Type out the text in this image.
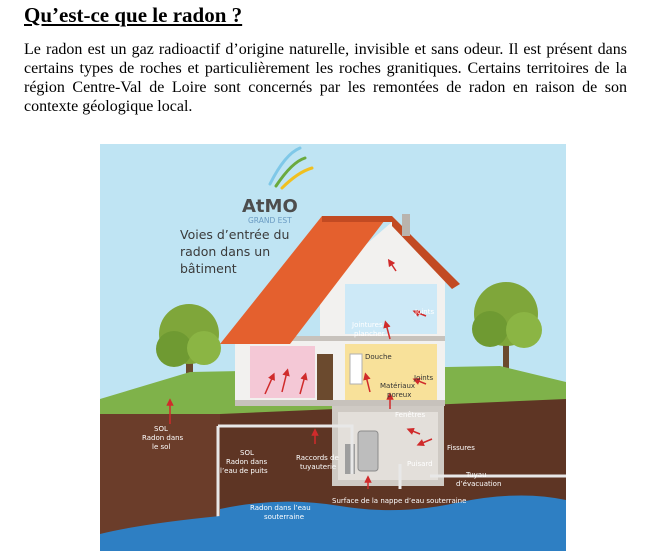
Qu’est-ce que le radon ?

Le radon est un gaz radioactif d’origine naturelle, invisible et sans odeur. Il est présent dans certains types de roches et particulièrement les roches granitiques. Certains territoires de la région Centre-Val de Loire sont concernés par les remontées de radon en raison de son contexte géologique local.

AtMO
GRAND EST
Voies d’entrée du
radon dans un
bâtiment
Joints
Jointures
plancher
Douche
Joints
Matériaux
poreux
Fenêtres
Fissures
Puisard
Tuyau
d’évacuation
SOL
Radon dans
le sol
SOL
Radon dans
l’eau de puits
Raccords de
tuyauterie
Surface de la nappe d’eau souterraine
Radon dans l’eau
souterraine
